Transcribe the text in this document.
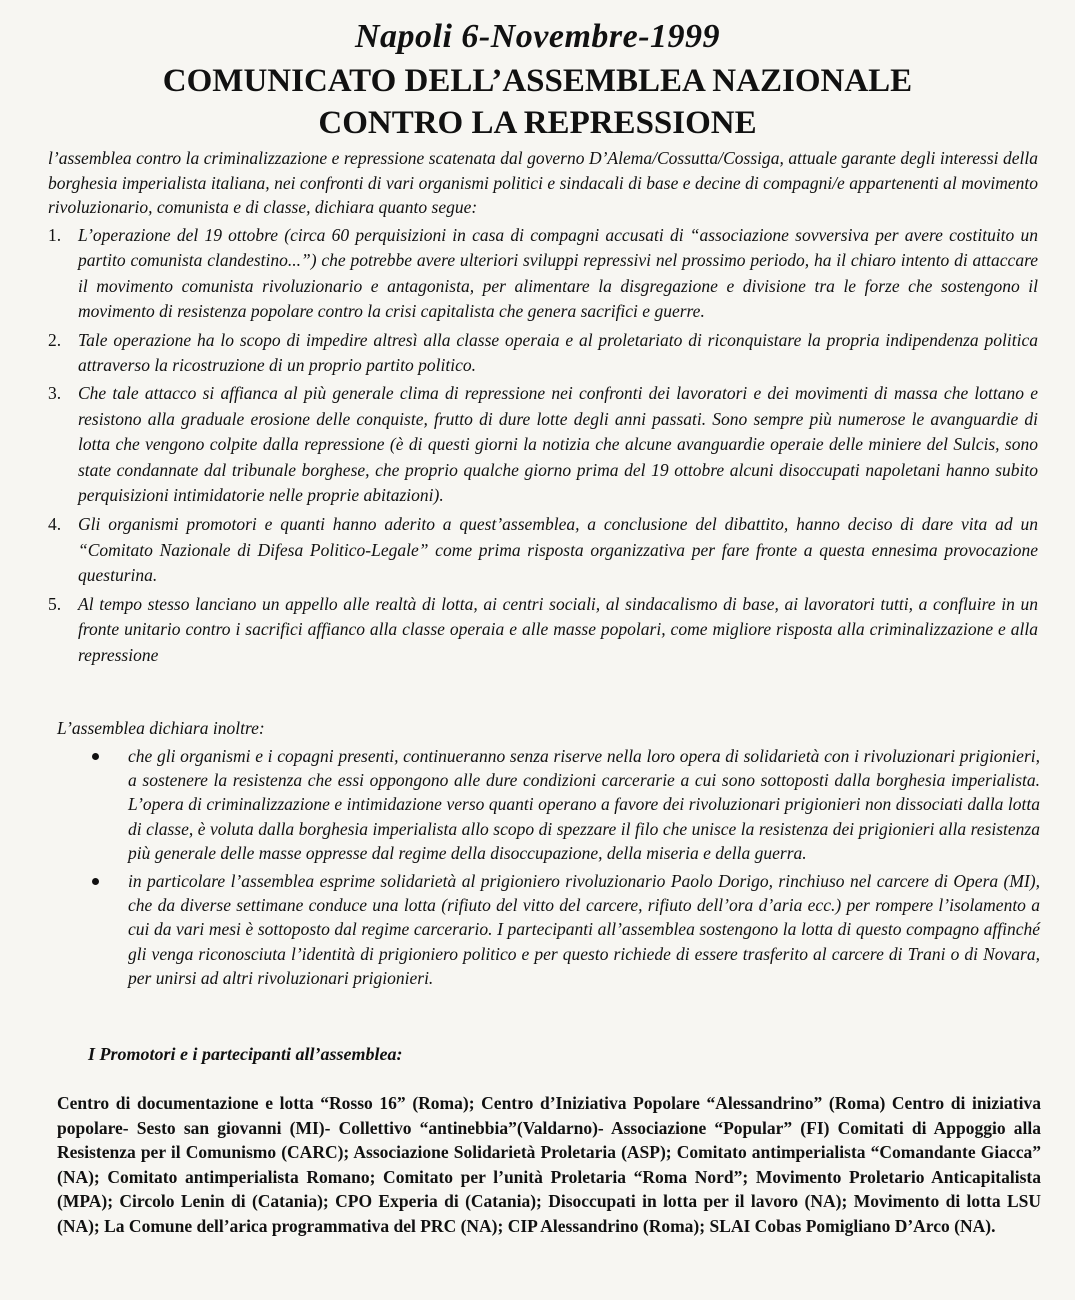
Napoli 6-Novembre-1999
COMUNICATO DELL’ASSEMBLEA NAZIONALE
CONTRO LA REPRESSIONE
l’assemblea contro la criminalizzazione e repressione scatenata dal governo D’Alema/Cossutta/Cossiga, attuale garante degli interessi della borghesia imperialista italiana, nei confronti di vari organismi politici e sindacali di base e decine di compagni/e appartenenti al movimento rivoluzionario, comunista e di classe, dichiara quanto segue:
1. L’operazione del 19 ottobre (circa 60 perquisizioni in casa di compagni accusati di “associazione sovversiva per avere costituito un partito comunista clandestino...”) che potrebbe avere ulteriori sviluppi repressivi nel prossimo periodo, ha il chiaro intento di attaccare il movimento comunista rivoluzionario e antagonista, per alimentare la disgregazione e divisione tra le forze che sostengono il movimento di resistenza popolare contro la crisi capitalista che genera sacrifici e guerre.
2. Tale operazione ha lo scopo di impedire altresì alla classe operaia e al proletariato di riconquistare la propria indipendenza politica attraverso la ricostruzione di un proprio partito politico.
3. Che tale attacco si affianca al più generale clima di repressione nei confronti dei lavoratori e dei movimenti di massa che lottano e resistono alla graduale erosione delle conquiste, frutto di dure lotte degli anni passati. Sono sempre più numerose le avanguardie di lotta che vengono colpite dalla repressione (è di questi giorni la notizia che alcune avanguardie operaie delle miniere del Sulcis, sono state condannate dal tribunale borghese, che proprio qualche giorno prima del 19 ottobre alcuni disoccupati napoletani hanno subito perquisizioni intimidatorie nelle proprie abitazioni).
4. Gli organismi promotori e quanti hanno aderito a quest’assemblea, a conclusione del dibattito, hanno deciso di dare vita ad un “Comitato Nazionale di Difesa Politico-Legale” come prima risposta organizzativa per fare fronte a questa ennesima provocazione questurina.
5. Al tempo stesso lanciano un appello alle realtà di lotta, ai centri sociali, al sindacalismo di base, ai lavoratori tutti, a confluire in un fronte unitario contro i sacrifici affianco alla classe operaia e alle masse popolari, come migliore risposta alla criminalizzazione e alla repressione
L’assemblea dichiara inoltre:
che gli organismi e i copagni presenti, continueranno senza riserve nella loro opera di solidarietà con i rivoluzionari prigionieri, a sostenere la resistenza che essi oppongono alle dure condizioni carcerarie a cui sono sottoposti dalla borghesia imperialista. L’opera di criminalizzazione e intimidazione verso quanti operano a favore dei rivoluzionari prigionieri non dissociati dalla lotta di classe, è voluta dalla borghesia imperialista allo scopo di spezzare il filo che unisce la resistenza dei prigionieri alla resistenza più generale delle masse oppresse dal regime della disoccupazione, della miseria e della guerra.
in particolare l’assemblea esprime solidarietà al prigioniero rivoluzionario Paolo Dorigo, rinchiuso nel carcere di Opera (MI), che da diverse settimane conduce una lotta (rifiuto del vitto del carcere, rifiuto dell’ora d’aria ecc.) per rompere l’isolamento a cui da vari mesi è sottoposto dal regime carcerario. I partecipanti all’assemblea sostengono la lotta di questo compagno affinché gli venga riconosciuta l’identità di prigioniero politico e per questo richiede di essere trasferito al carcere di Trani o di Novara, per unirsi ad altri rivoluzionari prigionieri.
I Promotori e i partecipanti all’assemblea:
Centro di documentazione e lotta “Rosso 16” (Roma); Centro d’Iniziativa Popolare “Alessandrino” (Roma) Centro di iniziativa popolare- Sesto san giovanni (MI)- Collettivo “antinebbia”(Valdarno)- Associazione “Popular” (FI) Comitati di Appoggio alla Resistenza per il Comunismo (CARC); Associazione Solidarietà Proletaria (ASP); Comitato antimperialista “Comandante Giacca” (NA); Comitato antimperialista Romano; Comitato per l’unità Proletaria “Roma Nord”; Movimento Proletario Anticapitalista (MPA); Circolo Lenin di (Catania); CPO Experia di (Catania); Disoccupati in lotta per il lavoro (NA); Movimento di lotta LSU (NA); La Comune dell’arica programmativa del PRC (NA); CIP Alessandrino (Roma); SLAI Cobas Pomigliano D’Arco (NA).
